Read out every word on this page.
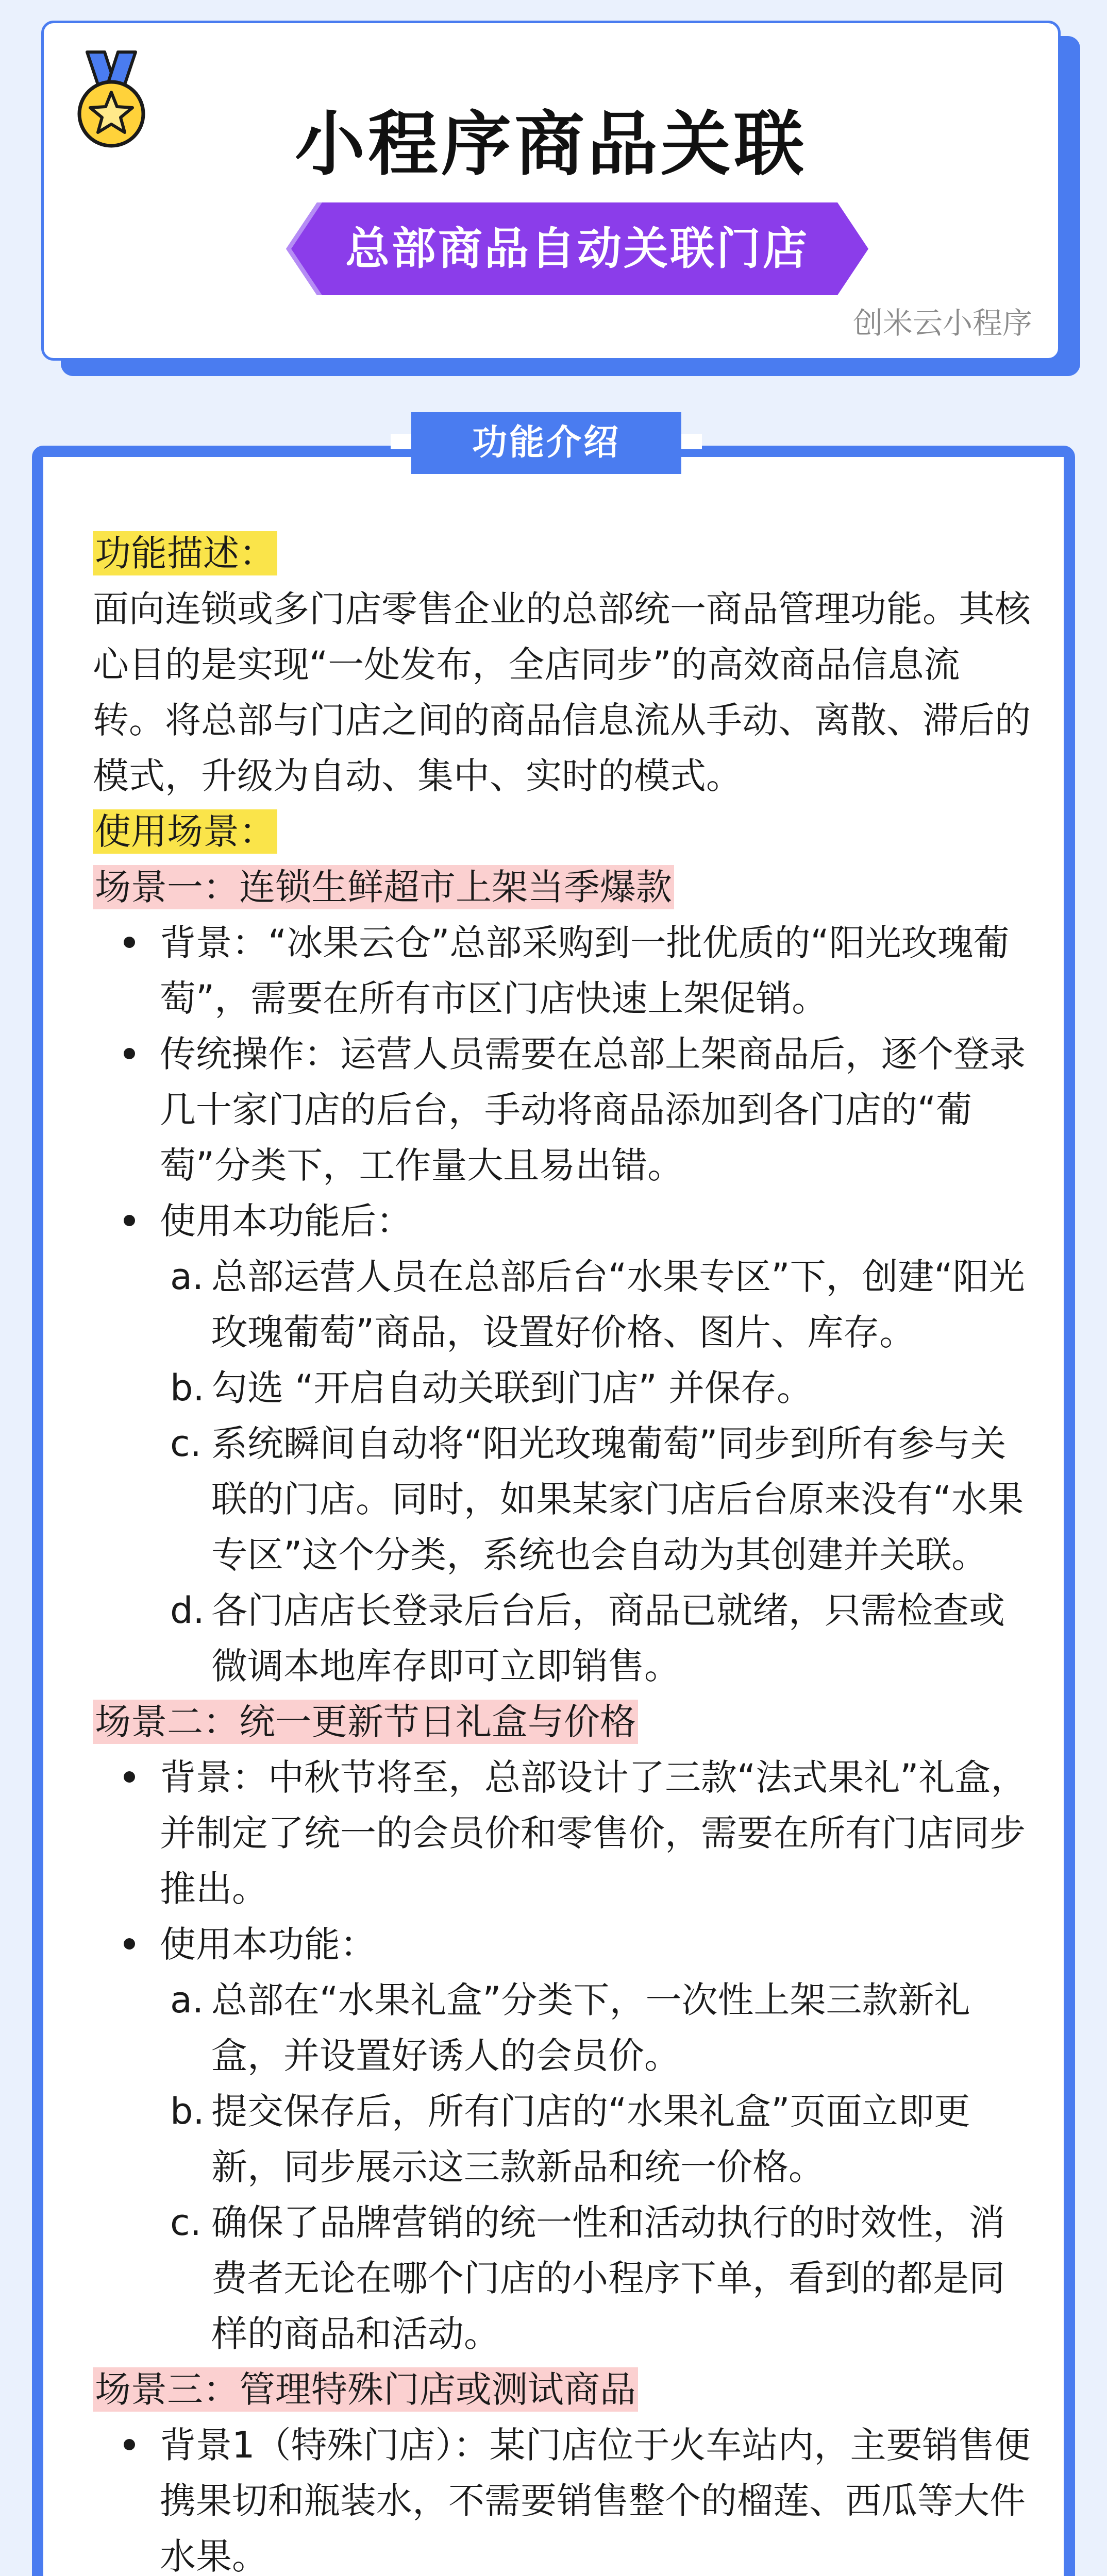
小程序商品关联
总部商品自动关联门店
创米云小程序
功能介绍

功能描述：

面向连锁或多门店零售企业的总部统一商品管理功能。其核心目的是实现“一处发布，全店同步”的高效商品信息流转。将总部与门店之间的商品信息流从手动、离散、滞后的模式，升级为自动、集中、实时的模式。

使用场景：

场景一：连锁生鲜超市上架当季爆款

背景：“冰果云仓”总部采购到一批优质的“阳光玫瑰葡萄”，需要在所有市区门店快速上架促销。
传统操作：运营人员需要在总部上架商品后，逐个登录几十家门店的后台，手动将商品添加到各门店的“葡萄”分类下，工作量大且易出错。
使用本功能后：
a. 总部运营人员在总部后台“水果专区”下，创建“阳光玫瑰葡萄”商品，设置好价格、图片、库存。
b. 勾选 “开启自动关联到门店” 并保存。
c. 系统瞬间自动将“阳光玫瑰葡萄”同步到所有参与关联的门店。同时，如果某家门店后台原来没有“水果专区”这个分类，系统也会自动为其创建并关联。
d. 各门店店长登录后台后，商品已就绪，只需检查或微调本地库存即可立即销售。

场景二：统一更新节日礼盒与价格

背景：中秋节将至，总部设计了三款“法式果礼”礼盒，并制定了统一的会员价和零售价，需要在所有门店同步推出。
使用本功能：
a. 总部在“水果礼盒”分类下，一次性上架三款新礼盒，并设置好诱人的会员价。
b. 提交保存后，所有门店的“水果礼盒”页面立即更新，同步展示这三款新品和统一价格。
c. 确保了品牌营销的统一性和活动执行的时效性，消费者无论在哪个门店的小程序下单，看到的都是同样的商品和活动。

场景三：管理特殊门店或测试商品

背景1（特殊门店）：某门店位于火车站内，主要销售便携果切和瓶装水，不需要销售整个的榴莲、西瓜等大件水果。
